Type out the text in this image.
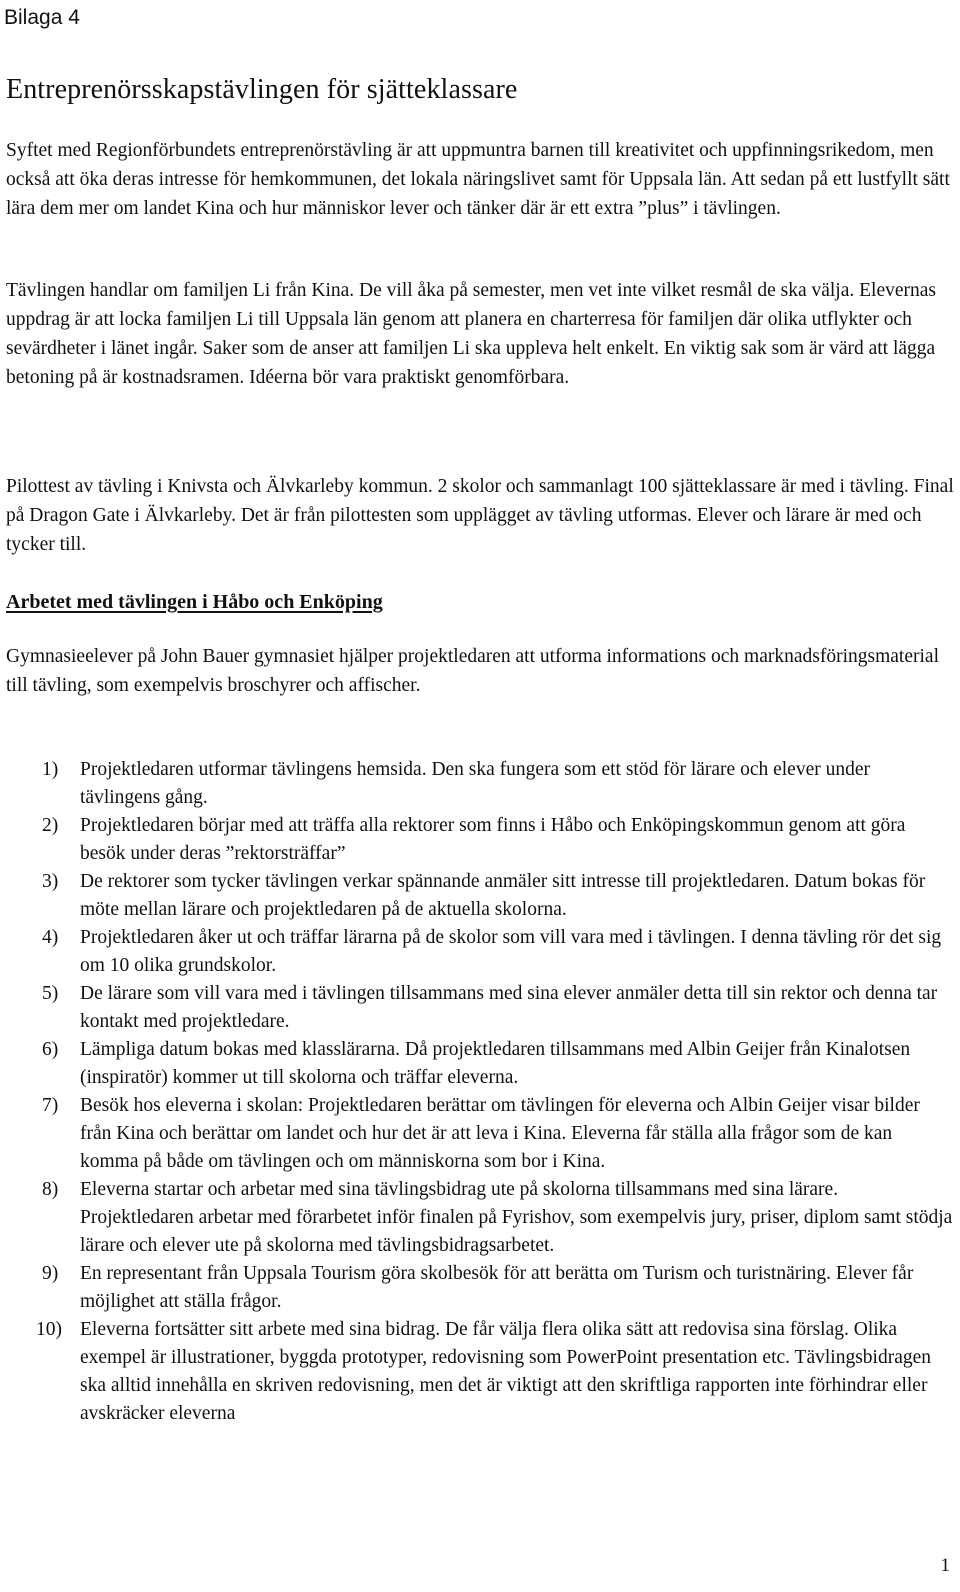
Bilaga 4
Entreprenörsskapstävlingen för sjätteklassare

Syftet med Regionförbundets entreprenörstävling är att uppmuntra barnen till kreativitet och uppfinningsrikedom, men också att öka deras intresse för hemkommunen, det lokala näringslivet samt för Uppsala län. Att sedan på ett lustfyllt sätt lära dem mer om landet Kina och hur människor lever och tänker där är ett extra ”plus” i tävlingen.

Tävlingen handlar om familjen Li från Kina. De vill åka på semester, men vet inte vilket resmål de ska välja. Elevernas uppdrag är att locka familjen Li till Uppsala län genom att planera en charterresa för familjen där olika utflykter och sevärdheter i länet ingår. Saker som de anser att familjen Li ska uppleva helt enkelt. En viktig sak som är värd att lägga betoning på är kostnadsramen. Idéerna bör vara praktiskt genomförbara.

Pilottest av tävling i Knivsta och Älvkarleby kommun. 2 skolor och sammanlagt 100 sjätteklassare är med i tävling. Final på Dragon Gate i Älvkarleby. Det är från pilottesten som upplägget av tävling utformas. Elever och lärare är med och tycker till.

Arbetet med tävlingen i Håbo och Enköping

Gymnasieelever på John Bauer gymnasiet hjälper projektledaren att utforma informations och marknadsföringsmaterial till tävling, som exempelvis broschyrer och affischer.

1) Projektledaren utformar tävlingens hemsida. Den ska fungera som ett stöd för lärare och elever under tävlingens gång.
2) Projektledaren börjar med att träffa alla rektorer som finns i Håbo och Enköpingskommun genom att göra besök under deras ”rektorsträffar”
3) De rektorer som tycker tävlingen verkar spännande anmäler sitt intresse till projektledaren. Datum bokas för möte mellan lärare och projektledaren på de aktuella skolorna.
4) Projektledaren åker ut och träffar lärarna på de skolor som vill vara med i tävlingen. I denna tävling rör det sig om 10 olika grundskolor.
5) De lärare som vill vara med i tävlingen tillsammans med sina elever anmäler detta till sin rektor och denna tar kontakt med projektledare.
6) Lämpliga datum bokas med klasslärarna. Då projektledaren tillsammans med Albin Geijer från Kinalotsen (inspiratör) kommer ut till skolorna och träffar eleverna.
7) Besök hos eleverna i skolan: Projektledaren berättar om tävlingen för eleverna och Albin Geijer visar bilder från Kina och berättar om landet och hur det är att leva i Kina. Eleverna får ställa alla frågor som de kan komma på både om tävlingen och om människorna som bor i Kina.
8) Eleverna startar och arbetar med sina tävlingsbidrag ute på skolorna tillsammans med sina lärare. Projektledaren arbetar med förarbetet inför finalen på Fyrishov, som exempelvis jury, priser, diplom samt stödja lärare och elever ute på skolorna med tävlingsbidragsarbetet.
9) En representant från Uppsala Tourism göra skolbesök för att berätta om Turism och turistnäring. Elever får möjlighet att ställa frågor.
10) Eleverna fortsätter sitt arbete med sina bidrag. De får välja flera olika sätt att redovisa sina förslag. Olika exempel är illustrationer, byggda prototyper, redovisning som PowerPoint presentation etc. Tävlingsbidragen ska alltid innehålla en skriven redovisning, men det är viktigt att den skriftliga rapporten inte förhindrar eller avskräcker eleverna
1
